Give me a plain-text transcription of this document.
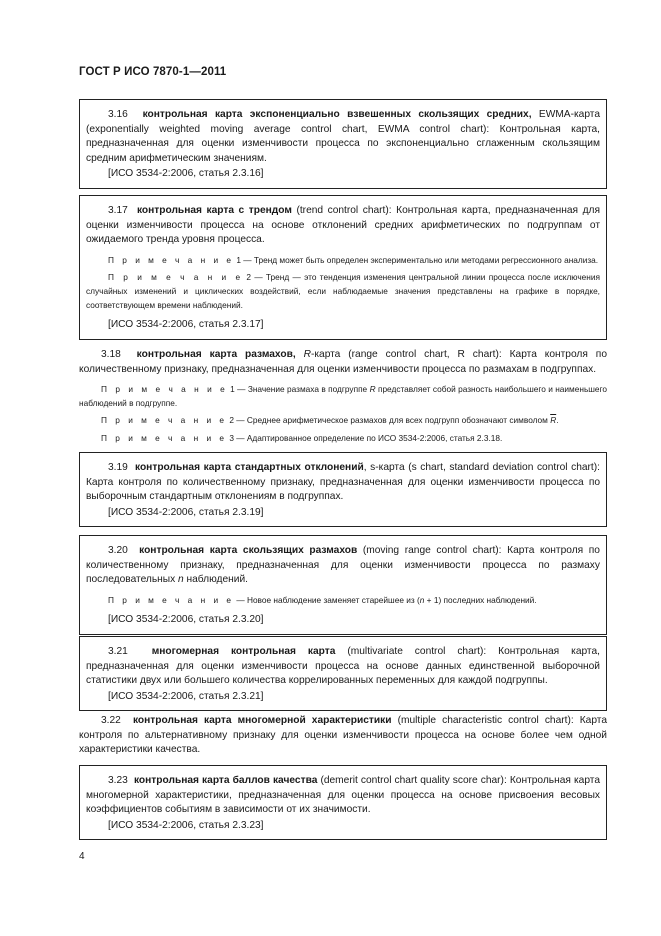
ГОСТ Р ИСО 7870-1—2011

3.16 контрольная карта экспоненциально взвешенных скользящих средних, EWMA-карта (exponentially weighted moving average control chart, EWMA control chart): Контрольная карта, предназначенная для оценки изменчивости процесса по экспоненциально сглаженным скользящим средним арифметическим значениям.

[ИСО 3534-2:2006, статья 2.3.16]

3.17 контрольная карта с трендом (trend control chart): Контрольная карта, предназначенная для оценки изменчивости процесса на основе отклонений средних арифметических по подгруппам от ожидаемого тренда уровня процесса.

П р и м е ч а н и е 1 — Тренд может быть определен экспериментально или методами регрессионного анализа.

П р и м е ч а н и е 2 — Тренд — это тенденция изменения центральной линии процесса после исключения случайных изменений и циклических воздействий, если наблюдаемые значения представлены на графике в порядке, соответствующем времени наблюдений.

[ИСО 3534-2:2006, статья 2.3.17]

3.18 контрольная карта размахов, R-карта (range control chart, R chart): Карта контроля по количественному признаку, предназначенная для оценки изменчивости процесса по размахам в подгруппах.

П р и м е ч а н и е 1 — Значение размаха в подгруппе R представляет собой разность наибольшего и наименьшего наблюдений в подгруппе.

П р и м е ч а н и е 2 — Среднее арифметическое размахов для всех подгрупп обозначают символом $\overline{R}$.

П р и м е ч а н и е 3 — Адаптированное определение по ИСО 3534-2:2006, статья 2.3.18.

3.19 контрольная карта стандартных отклонений, s-карта (s chart, standard deviation control chart): Карта контроля по количественному признаку, предназначенная для оценки изменчивости процесса по выборочным стандартным отклонениям в подгруппах.

[ИСО 3534-2:2006, статья 2.3.19]

3.20 контрольная карта скользящих размахов (moving range control chart): Карта контроля по количественному признаку, предназначенная для оценки изменчивости процесса по размаху последовательных n наблюдений.

П р и м е ч а н и е — Новое наблюдение заменяет старейшее из (n + 1) последних наблюдений.

[ИСО 3534-2:2006, статья 2.3.20]

3.21 многомерная контрольная карта (multivariate control chart): Контрольная карта, предназначенная для оценки изменчивости процесса на основе данных единственной выборочной статистики двух или большего количества коррелированных переменных для каждой подгруппы.

[ИСО 3534-2:2006, статья 2.3.21]

3.22 контрольная карта многомерной характеристики (multiple characteristic control chart): Карта контроля по альтернативному признаку для оценки изменчивости процесса на основе более чем одной характеристики качества.

3.23 контрольная карта баллов качества (demerit control chart quality score char): Контрольная карта многомерной характеристики, предназначенная для оценки процесса на основе присвоения весовых коэффициентов событиям в зависимости от их значимости.

[ИСО 3534-2:2006, статья 2.3.23]

4
